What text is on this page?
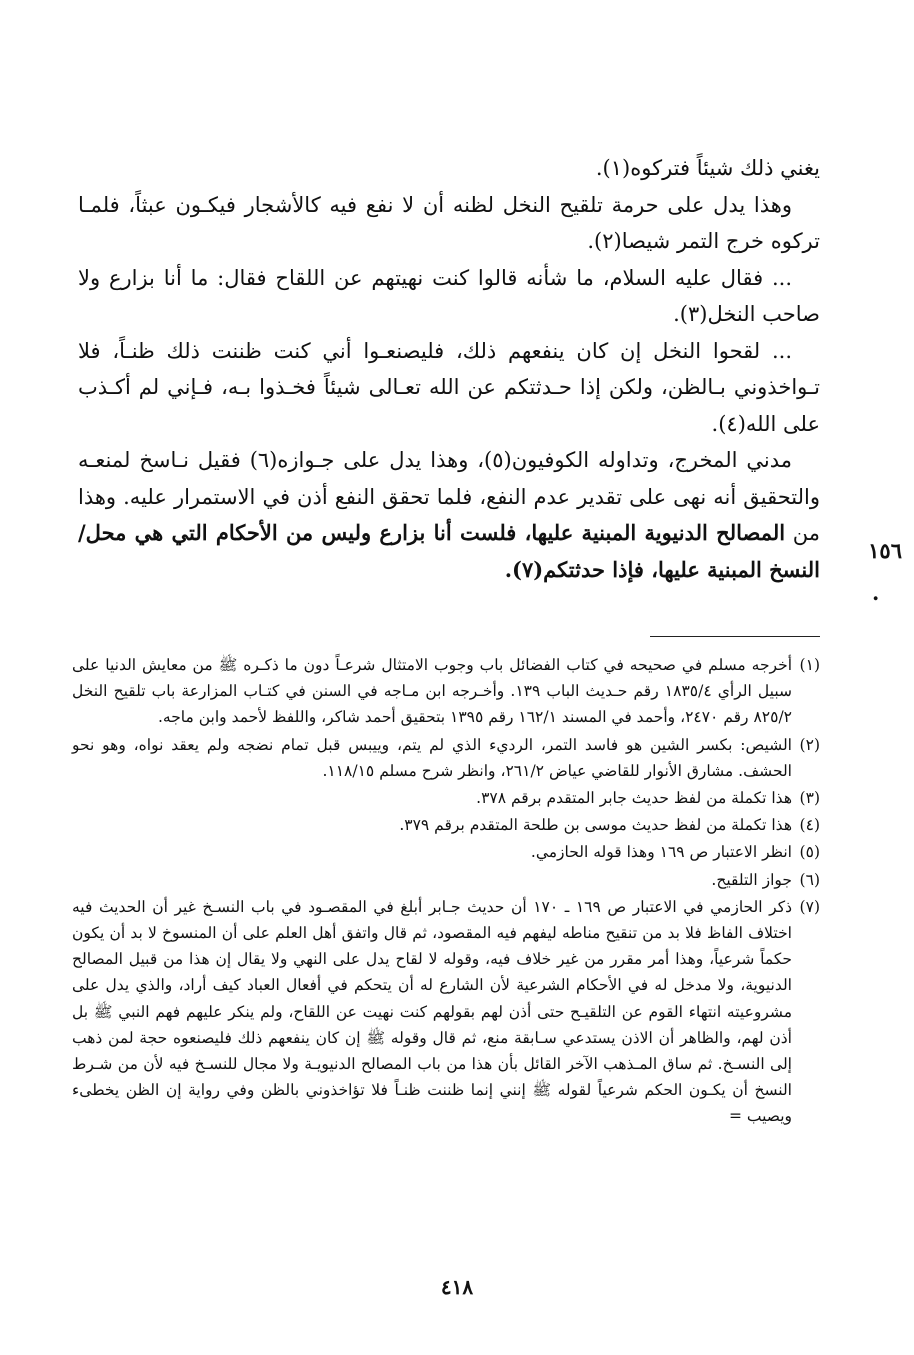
يغني ذلك شيئاً فتركوه(١).

وهذا يدل على حرمة تلقيح النخل لظنه أن لا نفع فيه كالأشجار فيكـون عبثاً، فلمـا تركوه خرج التمر شيصا(٢).

... فقال عليه السلام، ما شأنه قالوا كنت نهيتهم عن اللقاح فقال: ما أنا بزارع ولا صاحب النخل(٣).

... لقحوا النخل إن كان ينفعهم ذلك، فليصنعـوا أني كنت ظننت ذلك ظنـاً، فلا تـواخذوني بـالظن، ولكن إذا حـدثتكم عن الله تعـالى شيئاً فخـذوا بـه، فـإني لم أكـذب على الله(٤).

مدني المخرج، وتداوله الكوفيون(٥)، وهذا يدل على جـوازه(٦) فقيل نـاسخ لمنعـه والتحقيق أنه نهى على تقدير عدم النفع، فلما تحقق النفع أذن في الاستمرار عليه. وهذا من المصالح الدنيوية المبنية عليها، فلست أنا بزارع وليس من الأحكام التي هي محل/ النسخ المبنية عليها، فإذا حدثتكم(٧).

١٥٦
.
(١)
أخرجه مسلم في صحيحه في كتاب الفضائل باب وجوب الامتثال شرعـاً دون ما ذكـره ﷺ من معايش الدنيا على سبيل الرأي ١٨٣٥/٤ رقم حـديث الباب ١٣٩. وأخـرجه ابن مـاجه في السنن في كتـاب المزارعة باب تلقيح النخل ٨٢٥/٢ رقم ٢٤٧٠، وأحمد في المسند ١٦٢/١ رقم ١٣٩٥ بتحقيق أحمد شاكر، واللفظ لأحمد وابن ماجه.
(٢)
الشيص: بكسر الشين هو فاسد التمر، الرديء الذي لم يتم، وييبس قبل تمام نضجه ولم يعقد نواه، وهو نحو الحشف. مشارق الأنوار للقاضي عياض ٢٦١/٢، وانظر شرح مسلم ١١٨/١٥.
(٣)
هذا تكملة من لفظ حديث جابر المتقدم برقم ٣٧٨.
(٤)
هذا تكملة من لفظ حديث موسى بن طلحة المتقدم برقم ٣٧٩.
(٥)
انظر الاعتبار ص ١٦٩ وهذا قوله الحازمي.
(٦)
جواز التلقيح.
(٧)
ذكر الحازمي في الاعتبار ص ١٦٩ ـ ١٧٠ أن حديث جـابر أبلغ في المقصـود في باب النسـخ غير أن الحديث فيه اختلاف الفاظ فلا بد من تنقيح مناطه ليفهم فيه المقصود، ثم قال واتفق أهل العلم على أن المنسوخ لا بد أن يكون حكماً شرعياً، وهذا أمر مقرر من غير خلاف فيه، وقوله لا لقاح يدل على النهي ولا يقال إن هذا من قبيل المصالح الدنيوية، ولا مدخل له في الأحكام الشرعية لأن الشارع له أن يتحكم في أفعال العباد كيف أراد، والذي يدل على مشروعيته انتهاء القوم عن التلقيـح حتى أذن لهم بقولهم كنت نهيت عن اللقاح، ولم ينكر عليهم فهم النبي ﷺ بل أذن لهم، والظاهر أن الاذن يستدعي سـابقة منع، ثم قال وقوله ﷺ إن كان ينفعهم ذلك فليصنعوه حجة لمن ذهب إلى النسـخ. ثم ساق المـذهب الآخر القائل بأن هذا من باب المصالح الدنيويـة ولا مجال للنسـخ فيه لأن من شـرط النسخ أن يكـون الحكم شرعياً لقوله ﷺ إنني إنما ظننت ظنـاً فلا تؤاخذوني بالظن وفي رواية إن الظن يخطىء ويصيب =
٤١٨
